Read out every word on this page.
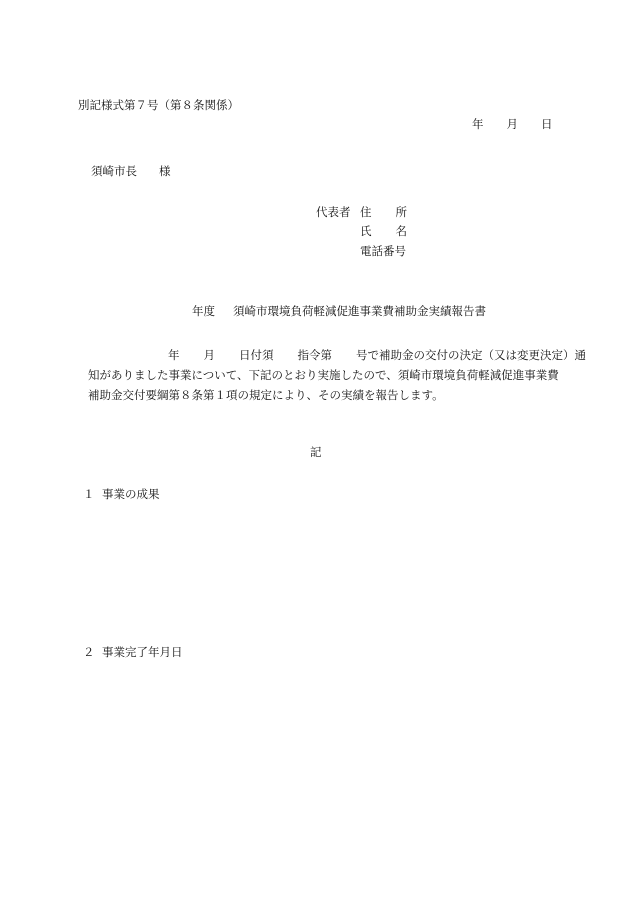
別記様式第７号（第８条関係）
年 月 日
須崎市長 様
代表者 住　所
氏　名
電話番号
年度 須崎市環境負荷軽減促進事業費補助金実績報告書
年 月 日付須 指令第 号で補助金の交付の決定（又は変更決定）通
知がありました事業について、下記のとおり実施したので、須崎市環境負荷軽減促進事業費
補助金交付要綱第８条第１項の規定により、その実績を報告します。
記
１ 事業の成果
２ 事業完了年月日
